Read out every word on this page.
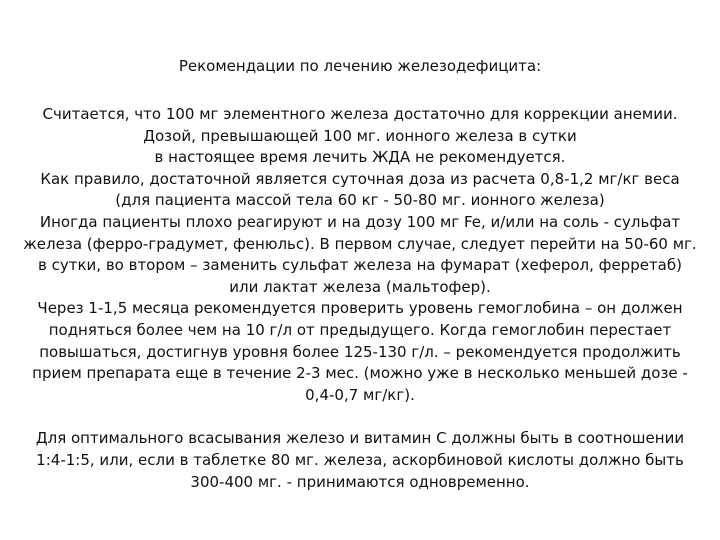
Рекомендации по лечению железодефицита:
Считается, что 100 мг элементного железа достаточно для коррекции анемии.
Дозой, превышающей 100 мг. ионного железа в сутки
в настоящее время лечить ЖДА не рекомендуется.
Как правило, достаточной является суточная доза из расчета 0,8-1,2 мг/кг веса
(для пациента массой тела 60 кг - 50-80 мг. ионного железа)
Иногда пациенты плохо реагируют и на дозу 100 мг Fe, и/или на соль - сульфат
железа (ферро-градумет, фенюльс). В первом случае, следует перейти на 50-60 мг.
в сутки, во втором – заменить сульфат железа на фумарат (хеферол, ферретаб)
или лактат железа (мальтофер).
Через 1-1,5 месяца рекомендуется проверить уровень гемоглобина – он должен
подняться более чем на 10 г/л от предыдущего. Когда гемоглобин перестает
повышаться, достигнув уровня более 125-130 г/л. – рекомендуется продолжить
прием препарата еще в течение 2-3 мес. (можно уже в несколько меньшей дозе -
0,4-0,7 мг/кг).
Для оптимального всасывания железо и витамин С должны быть в соотношении
1:4-1:5, или, если в таблетке 80 мг. железа, аскорбиновой кислоты должно быть
300-400 мг. - принимаются одновременно.
